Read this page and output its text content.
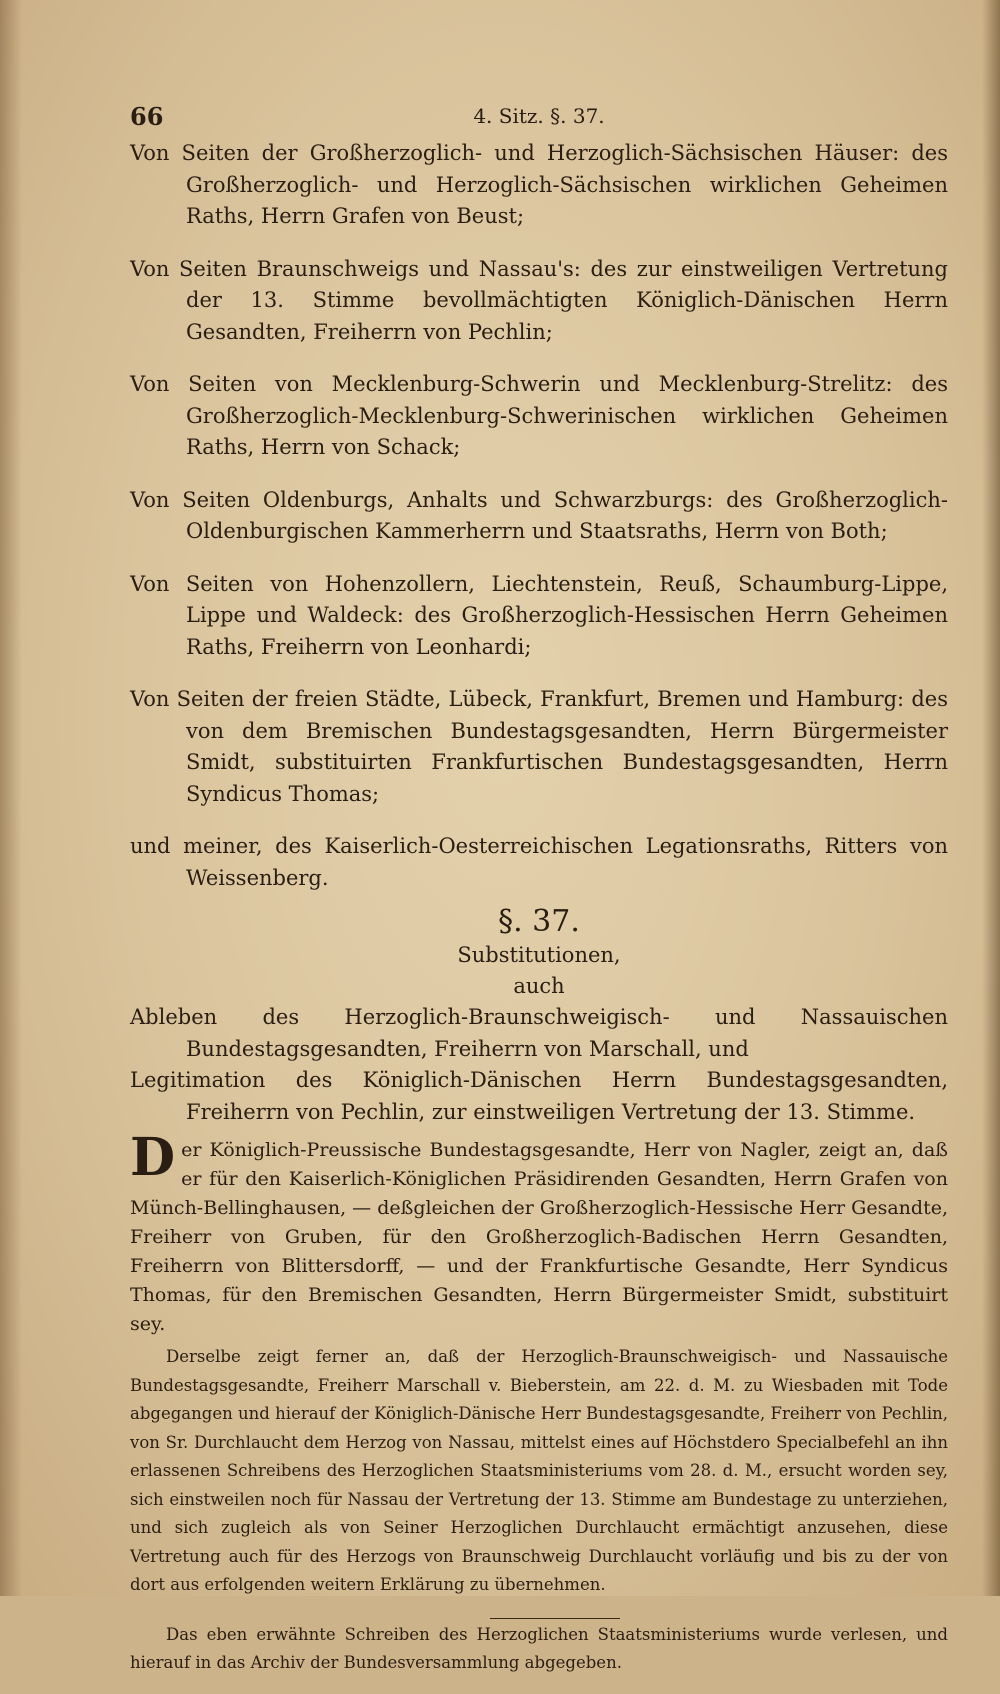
66	4. Sitz. §. 37.

Von Seiten der Großherzoglich- und Herzoglich-Sächsischen Häuser: des Großherzoglich- und Herzoglich-Sächsischen wirklichen Geheimen Raths, Herrn Grafen von Beust;

Von Seiten Braunschweigs und Nassau's: des zur einstweiligen Vertretung der 13. Stimme bevollmächtigten Königlich-Dänischen Herrn Gesandten, Freiherrn von Pechlin;

Von Seiten von Mecklenburg-Schwerin und Mecklenburg-Strelitz: des Großherzoglich-Mecklenburg-Schwerinischen wirklichen Geheimen Raths, Herrn von Schack;

Von Seiten Oldenburgs, Anhalts und Schwarzburgs: des Großherzoglich-Oldenburgischen Kammerherrn und Staatsraths, Herrn von Both;

Von Seiten von Hohenzollern, Liechtenstein, Reuß, Schaumburg-Lippe, Lippe und Waldeck: des Großherzoglich-Hessischen Herrn Geheimen Raths, Freiherrn von Leonhardi;

Von Seiten der freien Städte, Lübeck, Frankfurt, Bremen und Hamburg: des von dem Bremischen Bundestagsgesandten, Herrn Bürgermeister Smidt, substituirten Frankfurtischen Bundestagsgesandten, Herrn Syndicus Thomas;

und meiner, des Kaiserlich-Oesterreichischen Legationsraths, Ritters von Weissenberg.

§. 37.
Substitutionen,
auch

Ableben des Herzoglich-Braunschweigisch- und Nassauischen Bundestagsgesandten, Freiherrn von Marschall, und

Legitimation des Königlich-Dänischen Herrn Bundestagsgesandten, Freiherrn von Pechlin, zur einstweiligen Vertretung der 13. Stimme.

Der Königlich-Preussische Bundestagsgesandte, Herr von Nagler, zeigt an, daß er für den Kaiserlich-Königlichen Präsidirenden Gesandten, Herrn Grafen von Münch-Bellinghausen, — deßgleichen der Großherzoglich-Hessische Herr Gesandte, Freiherr von Gruben, für den Großherzoglich-Badischen Herrn Gesandten, Freiherrn von Blittersdorff, — und der Frankfurtische Gesandte, Herr Syndicus Thomas, für den Bremischen Gesandten, Herrn Bürgermeister Smidt, substituirt sey.

Derselbe zeigt ferner an, daß der Herzoglich-Braunschweigisch- und Nassauische Bundestagsgesandte, Freiherr Marschall v. Bieberstein, am 22. d. M. zu Wiesbaden mit Tode abgegangen und hierauf der Königlich-Dänische Herr Bundestagsgesandte, Freiherr von Pechlin, von Sr. Durchlaucht dem Herzog von Nassau, mittelst eines auf Höchstdero Specialbefehl an ihn erlassenen Schreibens des Herzoglichen Staatsministeriums vom 28. d. M., ersucht worden sey, sich einstweilen noch für Nassau der Vertretung der 13. Stimme am Bundestage zu unterziehen, und sich zugleich als von Seiner Herzoglichen Durchlaucht ermächtigt anzusehen, diese Vertretung auch für des Herzogs von Braunschweig Durchlaucht vorläufig und bis zu der von dort aus erfolgenden weitern Erklärung zu übernehmen.

Das eben erwähnte Schreiben des Herzoglichen Staatsministeriums wurde verlesen, und hierauf in das Archiv der Bundesversammlung abgegeben.
